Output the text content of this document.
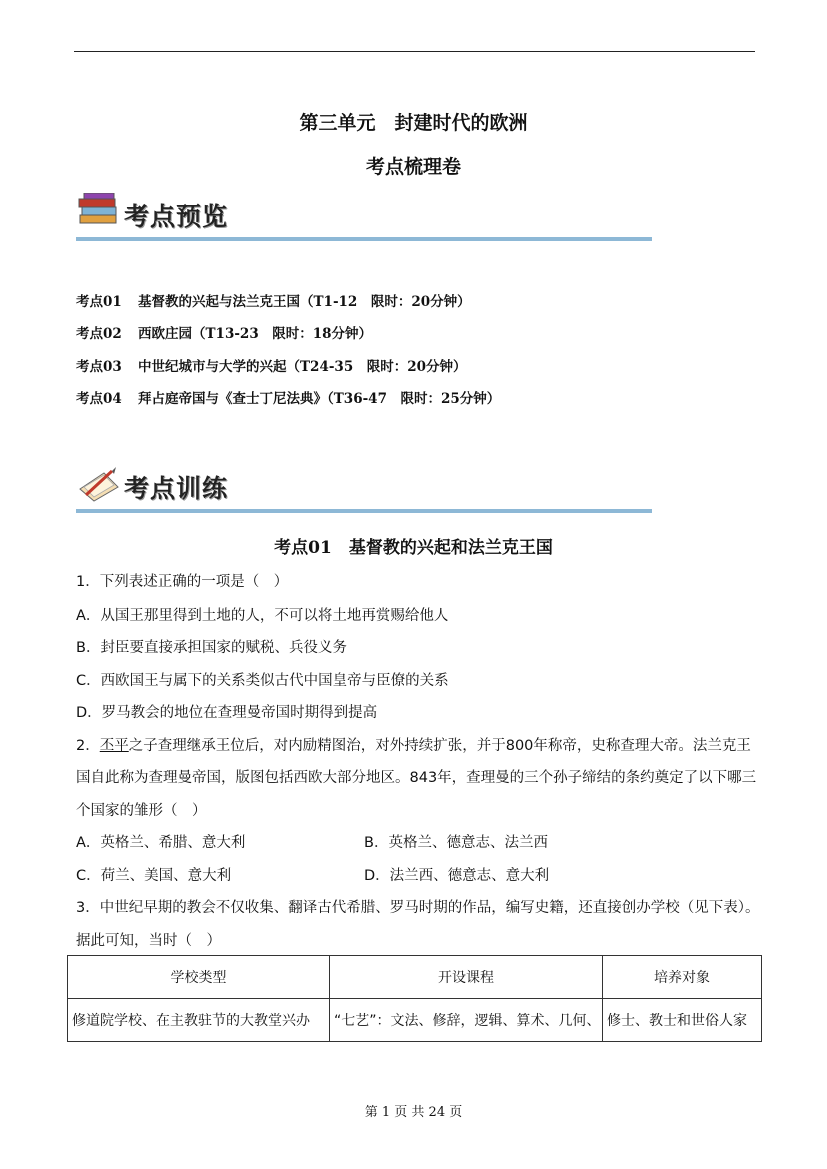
第三单元　封建时代的欧洲
考点梳理卷
考点预览
考点01 基督教的兴起与法兰克王国（T1-12　限时：20分钟）
考点02 西欧庄园（T13-23　限时：18分钟）
考点03 中世纪城市与大学的兴起（T24-35　限时：20分钟）
考点04 拜占庭帝国与《查士丁尼法典》（T36-47　限时：25分钟）
考点训练
考点01　基督教的兴起和法兰克王国
1．下列表述正确的一项是（　）
A．从国王那里得到土地的人，不可以将土地再赏赐给他人
B．封臣要直接承担国家的赋税、兵役义务
C．西欧国王与属下的关系类似古代中国皇帝与臣僚的关系
D．罗马教会的地位在查理曼帝国时期得到提高
2．丕平之子查理继承王位后，对内励精图治，对外持续扩张，并于800年称帝，史称查理大帝。法兰克王
国自此称为查理曼帝国，版图包括西欧大部分地区。843年，查理曼的三个孙子缔结的条约奠定了以下哪三
个国家的雏形（　）
A．英格兰、希腊、意大利	B．英格兰、德意志、法兰西
C．荷兰、美国、意大利	D．法兰西、德意志、意大利
3．中世纪早期的教会不仅收集、翻译古代希腊、罗马时期的作品，编写史籍，还直接创办学校（见下表）。
据此可知，当时（　）
学校类型	开设课程	培养对象
修道院学校、在主教驻节的大教堂兴办	“七艺”：文法、修辞，逻辑、算术、几何、	修士、教士和世俗人家
第 1 页 共 24 页
